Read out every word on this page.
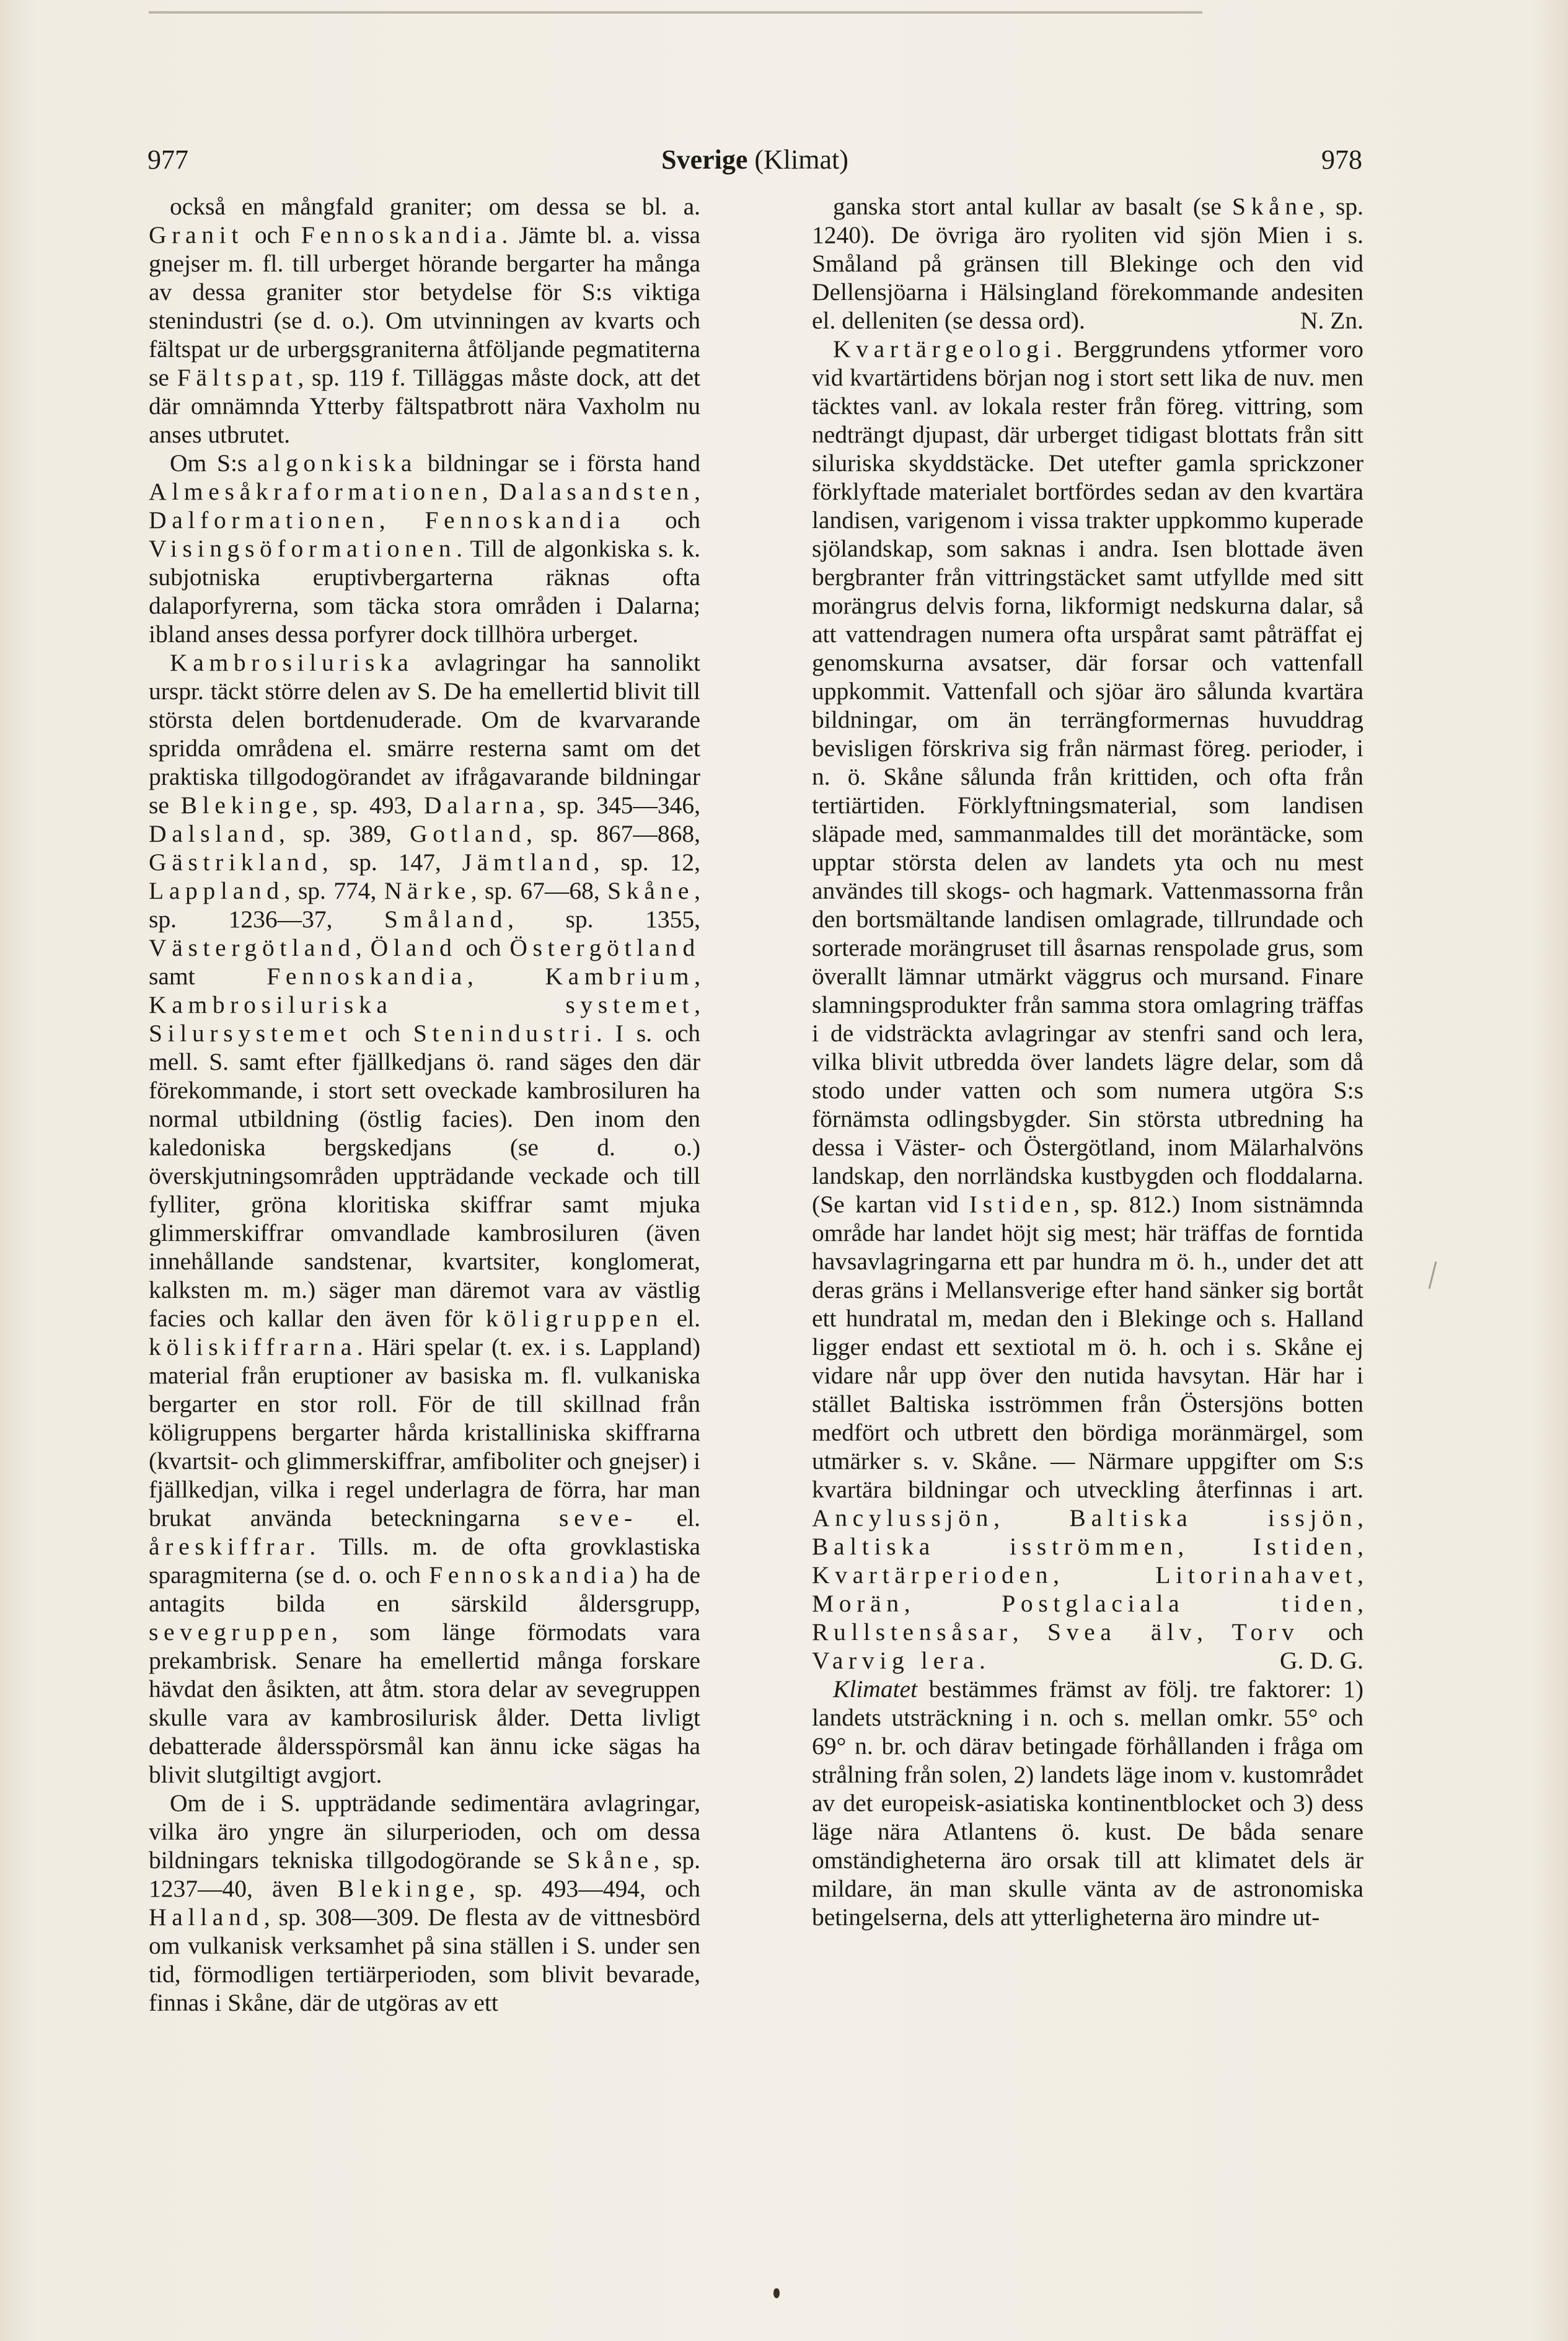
977	Sverige (Klimat)	978

också en mångfald graniter; om dessa se bl. a. Granit och Fennoskandia. Jämte bl. a. vissa gnejser m. fl. till urberget hörande bergarter ha många av dessa graniter stor betydelse för S:s viktiga stenindustri (se d. o.). Om utvinningen av kvarts och fältspat ur de urbergsgraniterna åtföljande pegmatiterna se Fältspat, sp. 119 f. Tilläggas måste dock, att det där omnämnda Ytterby fältspatbrott nära Vaxholm nu anses utbrutet.

Om S:s algonkiska bildningar se i första hand Almesåkraformationen, Dalasandsten, Dalformationen, Fennoskandia och Visingsöformationen. Till de algonkiska s. k. subjotniska eruptivbergarterna räknas ofta dalaporfyrerna, som täcka stora områden i Dalarna; ibland anses dessa porfyrer dock tillhöra urberget.

Kambrosiluriska avlagringar ha sannolikt urspr. täckt större delen av S. De ha emellertid blivit till största delen bortdenuderade. Om de kvarvarande spridda områdena el. smärre resterna samt om det praktiska tillgodogörandet av ifrågavarande bildningar se Blekinge, sp. 493, Dalarna, sp. 345—346, Dalsland, sp. 389, Gotland, sp. 867—868, Gästrikland, sp. 147, Jämtland, sp. 12, Lappland, sp. 774, Närke, sp. 67—68, Skåne, sp. 1236—37, Småland, sp. 1355, Västergötland, Öland och Östergötland samt Fennoskandia, Kambrium, Kambrosiluriska systemet, Silursystemet och Stenindustri. I s. och mell. S. samt efter fjällkedjans ö. rand säges den där förekommande, i stort sett oveckade kambrosiluren ha normal utbildning (östlig facies). Den inom den kaledoniska bergskedjans (se d. o.) överskjutningsområden uppträdande veckade och till fylliter, gröna kloritiska skiffrar samt mjuka glimmerskiffrar omvandlade kambrosiluren (även innehållande sandstenar, kvartsiter, konglomerat, kalksten m. m.) säger man däremot vara av västlig facies och kallar den även för köligruppen el. köliskiffrarna. Häri spelar (t. ex. i s. Lappland) material från eruptioner av basiska m. fl. vulkaniska bergarter en stor roll. För de till skillnad från köligruppens bergarter hårda kristalliniska skiffrarna (kvartsit- och glimmerskiffrar, amfiboliter och gnejser) i fjällkedjan, vilka i regel underlagra de förra, har man brukat använda beteckningarna seve- el. åreskiffrar. Tills. m. de ofta grovklastiska sparagmiterna (se d. o. och Fennoskandia) ha de antagits bilda en särskild åldersgrupp, sevegruppen, som länge förmodats vara prekambrisk. Senare ha emellertid många forskare hävdat den åsikten, att åtm. stora delar av sevegruppen skulle vara av kambrosilurisk ålder. Detta livligt debatterade åldersspörsmål kan ännu icke sägas ha blivit slutgiltigt avgjort.

Om de i S. uppträdande sedimentära avlagringar, vilka äro yngre än silurperioden, och om dessa bildningars tekniska tillgodogörande se Skåne, sp. 1237—40, även Blekinge, sp. 493—494, och Halland, sp. 308—309. De flesta av de vittnesbörd om vulkanisk verksamhet på sina ställen i S. under sen tid, förmodligen tertiärperioden, som blivit bevarade, finnas i Skåne, där de utgöras av ett

ganska stort antal kullar av basalt (se Skåne, sp. 1240). De övriga äro ryoliten vid sjön Mien i s. Småland på gränsen till Blekinge och den vid Dellensjöarna i Hälsingland förekommande andesiten el. delleniten (se dessa ord).	N. Zn.

Kvartärgeologi. Berggrundens ytformer voro vid kvartärtidens början nog i stort sett lika de nuv. men täcktes vanl. av lokala rester från föreg. vittring, som nedträngt djupast, där urberget tidigast blottats från sitt siluriska skyddstäcke. Det utefter gamla sprickzoner förklyftade materialet bortfördes sedan av den kvartära landisen, varigenom i vissa trakter uppkommo kuperade sjölandskap, som saknas i andra. Isen blottade även bergbranter från vittringstäcket samt utfyllde med sitt morängrus delvis forna, likformigt nedskurna dalar, så att vattendragen numera ofta urspårat samt påträffat ej genomskurna avsatser, där forsar och vattenfall uppkommit. Vattenfall och sjöar äro sålunda kvartära bildningar, om än terrängformernas huvuddrag bevisligen förskriva sig från närmast föreg. perioder, i n. ö. Skåne sålunda från krittiden, och ofta från tertiärtiden. Förklyftningsmaterial, som landisen släpade med, sammanmaldes till det moräntäcke, som upptar största delen av landets yta och nu mest användes till skogs- och hagmark. Vattenmassorna från den bortsmältande landisen omlagrade, tillrundade och sorterade morängruset till åsarnas renspolade grus, som överallt lämnar utmärkt väggrus och mursand. Finare slamningsprodukter från samma stora omlagring träffas i de vidsträckta avlagringar av stenfri sand och lera, vilka blivit utbredda över landets lägre delar, som då stodo under vatten och som numera utgöra S:s förnämsta odlingsbygder. Sin största utbredning ha dessa i Väster- och Östergötland, inom Mälarhalvöns landskap, den norrländska kustbygden och floddalarna. (Se kartan vid Istiden, sp. 812.) Inom sistnämnda område har landet höjt sig mest; här träffas de forntida havsavlagringarna ett par hundra m ö. h., under det att deras gräns i Mellansverige efter hand sänker sig bortåt ett hundratal m, medan den i Blekinge och s. Halland ligger endast ett sextiotal m ö. h. och i s. Skåne ej vidare når upp över den nutida havsytan. Här har i stället Baltiska isströmmen från Östersjöns botten medfört och utbrett den bördiga moränmärgel, som utmärker s. v. Skåne. — Närmare uppgifter om S:s kvartära bildningar och utveckling återfinnas i art. Ancylussjön, Baltiska issjön, Baltiska isströmmen, Istiden, Kvartärperioden, Litorinahavet, Morän, Postglaciala tiden, Rullstensåsar, Svea älv, Torv och Varvig lera.	G. D. G.

Klimatet bestämmes främst av följ. tre faktorer: 1) landets utsträckning i n. och s. mellan omkr. 55° och 69° n. br. och därav betingade förhållanden i fråga om strålning från solen, 2) landets läge inom v. kustområdet av det europeisk-asiatiska kontinentblocket och 3) dess läge nära Atlantens ö. kust. De båda senare omständigheterna äro orsak till att klimatet dels är mildare, än man skulle vänta av de astronomiska betingelserna, dels att ytterligheterna äro mindre ut-
